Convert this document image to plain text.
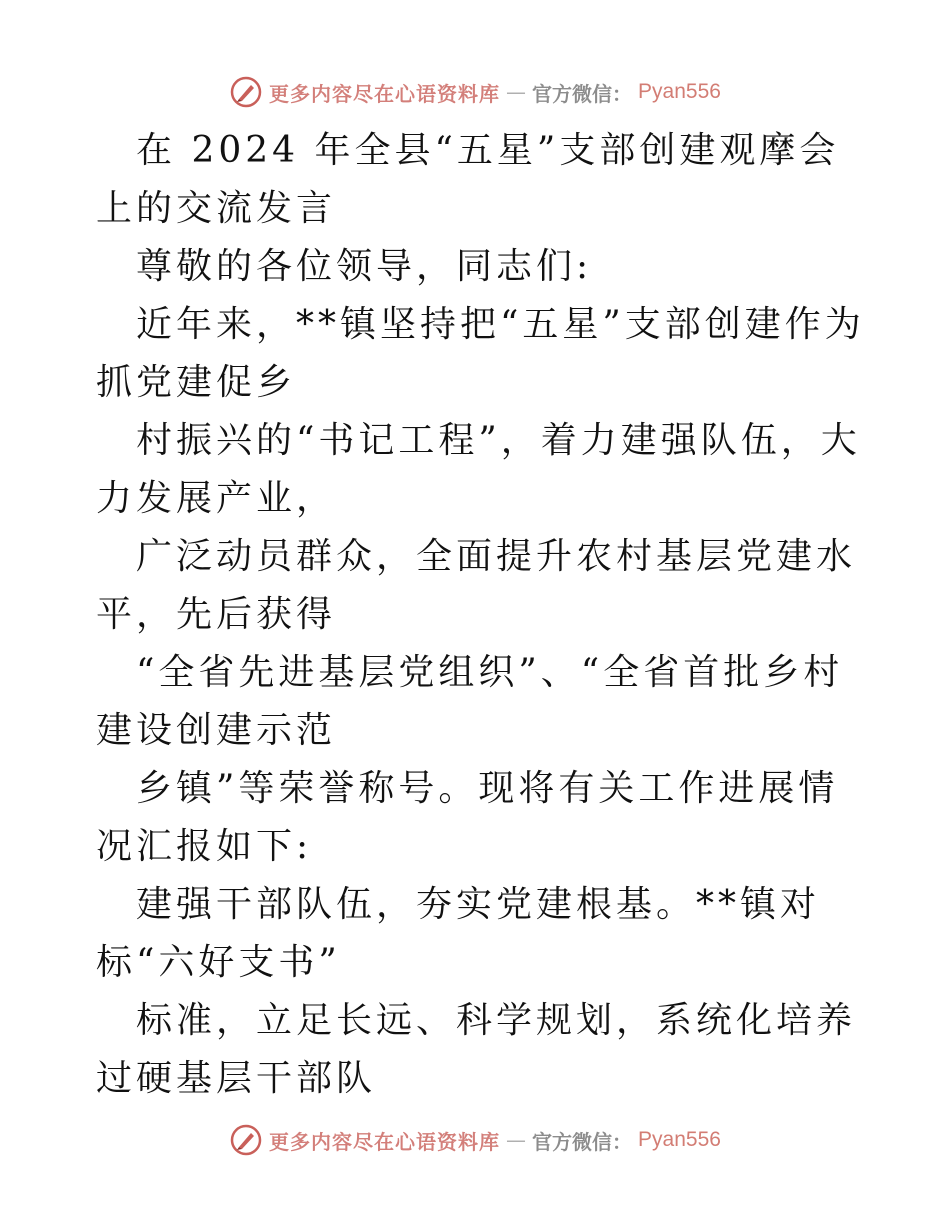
更多内容尽在心语资料库 — 官方微信： Pyan556

在 2024 年全县“五星”支部创建观摩会上的交流发言

尊敬的各位领导，同志们:

近年来，**镇坚持把“五星”支部创建作为抓党建促乡

村振兴的“书记工程”，着力建强队伍，大力发展产业，

广泛动员群众，全面提升农村基层党建水平，先后获得

“全省先进基层党组织”、“全省首批乡村建设创建示范

乡镇”等荣誉称号。现将有关工作进展情况汇报如下:

建强干部队伍，夯实党建根基。**镇对标“六好支书”

标准，立足长远、科学规划，系统化培养过硬基层干部队

更多内容尽在心语资料库 — 官方微信： Pyan556
